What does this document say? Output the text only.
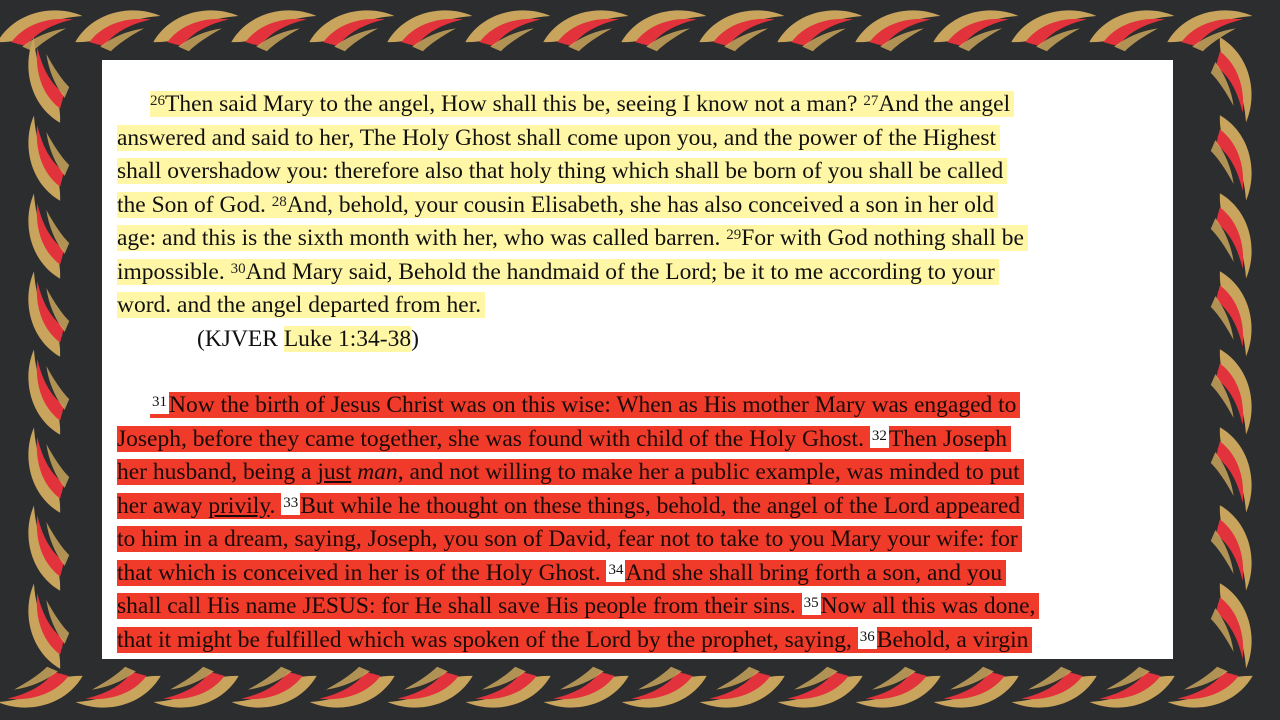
$^{26}$Then said Mary to the angel, How shall this be, seeing I know not a man? $^{27}$And the angel
answered and said to her, The Holy Ghost shall come upon you, and the power of the Highest
shall overshadow you: therefore also that holy thing which shall be born of you shall be called
the Son of God. $^{28}$And, behold, your cousin Elisabeth, she has also conceived a son in her old
age: and this is the sixth month with her, who was called barren. $^{29}$For with God nothing shall be
impossible. $^{30}$And Mary said, Behold the handmaid of the Lord; be it to me according to your
word. and the angel departed from her.
(KJVER Luke 1:34-38)
$^{31}$Now the birth of Jesus Christ was on this wise: When as His mother Mary was engaged to
Joseph, before they came together, she was found with child of the Holy Ghost. $^{32}$Then Joseph
her husband, being a just man, and not willing to make her a public example, was minded to put
her away privily. $^{33}$But while he thought on these things, behold, the angel of the Lord appeared
to him in a dream, saying, Joseph, you son of David, fear not to take to you Mary your wife: for
that which is conceived in her is of the Holy Ghost. $^{34}$And she shall bring forth a son, and you
shall call His name JESUS: for He shall save His people from their sins. $^{35}$Now all this was done,
that it might be fulfilled which was spoken of the Lord by the prophet, saying, $^{36}$Behold, a virgin
